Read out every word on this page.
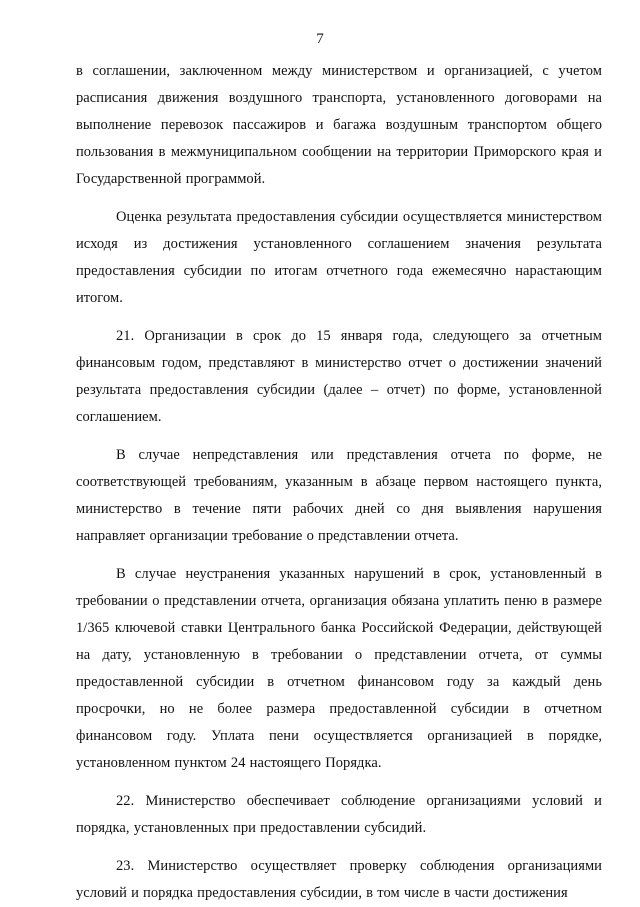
7

в соглашении, заключенном между министерством и организацией, с учетом расписания движения воздушного транспорта, установленного договорами на выполнение перевозок пассажиров и багажа воздушным транспортом общего пользования в межмуниципальном сообщении на территории Приморского края и Государственной программой.

Оценка результата предоставления субсидии осуществляется министерством исходя из достижения установленного соглашением значения результата предоставления субсидии по итогам отчетного года ежемесячно нарастающим итогом.

21. Организации в срок до 15 января года, следующего за отчетным финансовым годом, представляют в министерство отчет о достижении значений результата предоставления субсидии (далее – отчет) по форме, установленной соглашением.

В случае непредставления или представления отчета по форме, не соответствующей требованиям, указанным в абзаце первом настоящего пункта, министерство в течение пяти рабочих дней со дня выявления нарушения направляет организации требование о представлении отчета.

В случае неустранения указанных нарушений в срок, установленный в требовании о представлении отчета, организация обязана уплатить пеню в размере 1/365 ключевой ставки Центрального банка Российской Федерации, действующей на дату, установленную в требовании о представлении отчета, от суммы предоставленной субсидии в отчетном финансовом году за каждый день просрочки, но не более размера предоставленной субсидии в отчетном финансовом году. Уплата пени осуществляется организацией в порядке, установленном пунктом 24 настоящего Порядка.

22. Министерство обеспечивает соблюдение организациями условий и порядка, установленных при предоставлении субсидий.

23. Министерство осуществляет проверку соблюдения организациями условий и порядка предоставления субсидии, в том числе в части достижения
